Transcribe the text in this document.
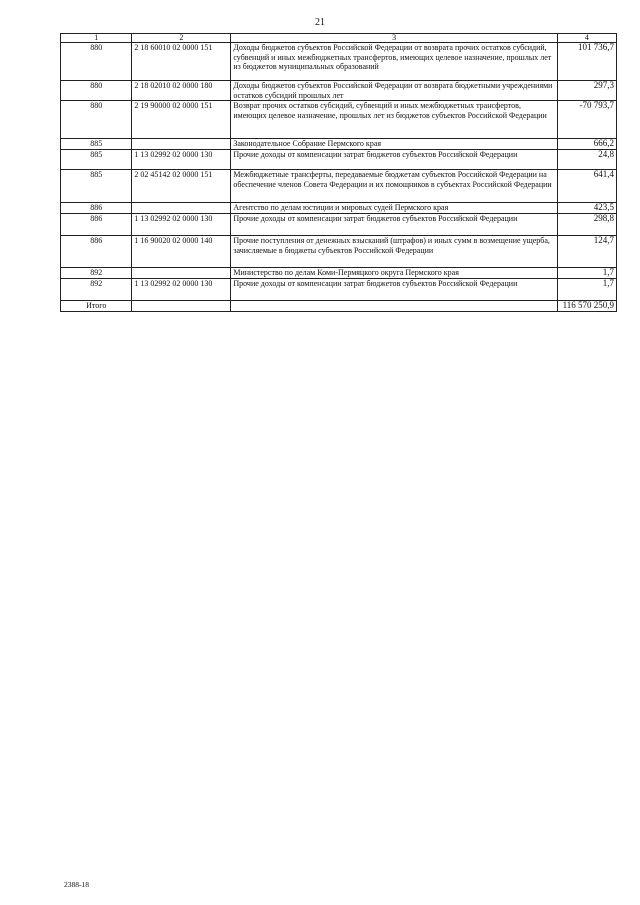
21
1	2	3	4
880	2 18 60010 02 0000 151	Доходы бюджетов субъектов Российской Федерации от возврата прочих остатков субсидий, субвенций и иных межбюджетных трансфертов, имеющих целевое назначение, прошлых лет из бюджетов муниципальных образований	101 736,7
880	2 18 02010 02 0000 180	Доходы бюджетов субъектов Российской Федерации от возврата бюджетными учреждениями остатков субсидий прошлых лет	297,3
880	2 19 90000 02 0000 151	Возврат прочих остатков субсидий, субвенций и иных межбюджетных трансфертов, имеющих целевое назначение, прошлых лет из бюджетов субъектов Российской Федерации	-70 793,7
885		Законодательное Собрание Пермского края	666,2
885	1 13 02992 02 0000 130	Прочие доходы от компенсации затрат бюджетов субъектов Российской Федерации	24,8
885	2 02 45142 02 0000 151	Межбюджетные трансферты, передаваемые бюджетам субъектов Российской Федерации на обеспечение членов Совета Федерации и их помощников в субъектах Российской Федерации	641,4
886		Агентство по делам юстиции и мировых судей Пермского края	423,5
886	1 13 02992 02 0000 130	Прочие доходы от компенсации затрат бюджетов субъектов Российской Федерации	298,8
886	1 16 90020 02 0000 140	Прочие поступления от денежных взысканий (штрафов) и иных сумм в возмещение ущерба, зачисляемые в бюджеты субъектов Российской Федерации	124,7
892		Министерство по делам Коми-Пермяцкого округа Пермского края	1,7
892	1 13 02992 02 0000 130	Прочие доходы от компенсации затрат бюджетов субъектов Российской Федерации	1,7
Итого			116 570 250,9
2388-18
